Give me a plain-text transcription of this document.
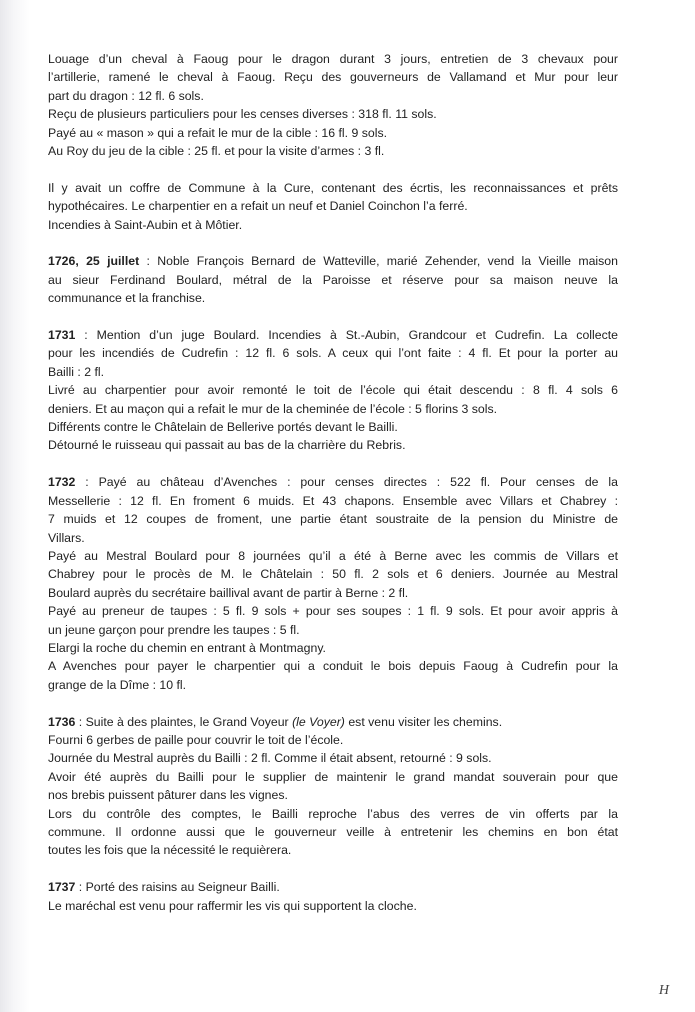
Louage d’un cheval à Faoug pour le dragon durant 3 jours, entretien de 3 chevaux pour
l’artillerie, ramené le cheval à Faoug. Reçu des gouverneurs de Vallamand et Mur pour leur
part du dragon : 12 fl. 6 sols.
Reçu de plusieurs particuliers pour les censes diverses : 318 fl. 11 sols.
Payé au « mason » qui a refait le mur de la cible : 16 fl. 9 sols.
Au Roy du jeu de la cible : 25 fl. et pour la visite d’armes : 3 fl.
Il y avait un coffre de Commune à la Cure, contenant des écrtis, les reconnaissances et prêts
hypothécaires. Le charpentier en a refait un neuf et Daniel Coinchon l’a ferré.
Incendies à Saint-Aubin et à Môtier.
1726, 25 juillet : Noble François Bernard de Watteville, marié Zehender, vend la Vieille maison
au sieur Ferdinand Boulard, métral de la Paroisse et réserve pour sa maison neuve la
communance et la franchise.
1731 : Mention d’un juge Boulard. Incendies à St.-Aubin, Grandcour et Cudrefin. La collecte
pour les incendiés de Cudrefin : 12 fl. 6 sols. A ceux qui l’ont faite : 4 fl. Et pour la porter au
Bailli : 2 fl.
Livré au charpentier pour avoir remonté le toit de l’école qui était descendu : 8 fl. 4 sols 6
deniers. Et au maçon qui a refait le mur de la cheminée de l’école : 5 florins 3 sols.
Différents contre le Châtelain de Bellerive portés devant le Bailli.
Détourné le ruisseau qui passait au bas de la charrière du Rebris.
1732 : Payé au château d’Avenches : pour censes directes : 522 fl. Pour censes de la
Messellerie : 12 fl. En froment 6 muids. Et 43 chapons. Ensemble avec Villars et Chabrey :
7 muids et 12 coupes de froment, une partie étant soustraite de la pension du Ministre de
Villars.
Payé au Mestral Boulard pour 8 journées qu’il a été à Berne avec les commis de Villars et
Chabrey pour le procès de M. le Châtelain : 50 fl. 2 sols et 6 deniers. Journée au Mestral
Boulard auprès du secrétaire baillival avant de partir à Berne : 2 fl.
Payé au preneur de taupes : 5 fl. 9 sols + pour ses soupes : 1 fl. 9 sols. Et pour avoir appris à
un jeune garçon pour prendre les taupes : 5 fl.
Elargi la roche du chemin en entrant à Montmagny.
A Avenches pour payer le charpentier qui a conduit le bois depuis Faoug à Cudrefin pour la
grange de la Dîme : 10 fl.
1736 : Suite à des plaintes, le Grand Voyeur (le Voyer) est venu visiter les chemins.
Fourni 6 gerbes de paille pour couvrir le toit de l’école.
Journée du Mestral auprès du Bailli : 2 fl. Comme il était absent, retourné : 9 sols.
Avoir été auprès du Bailli pour le supplier de maintenir le grand mandat souverain pour que
nos brebis puissent pâturer dans les vignes.
Lors du contrôle des comptes, le Bailli reproche l’abus des verres de vin offerts par la
commune. Il ordonne aussi que le gouverneur veille à entretenir les chemins en bon état
toutes les fois que la nécessité le requièrera.
1737 : Porté des raisins au Seigneur Bailli.
Le maréchal est venu pour raffermir les vis qui supportent la cloche.
H
